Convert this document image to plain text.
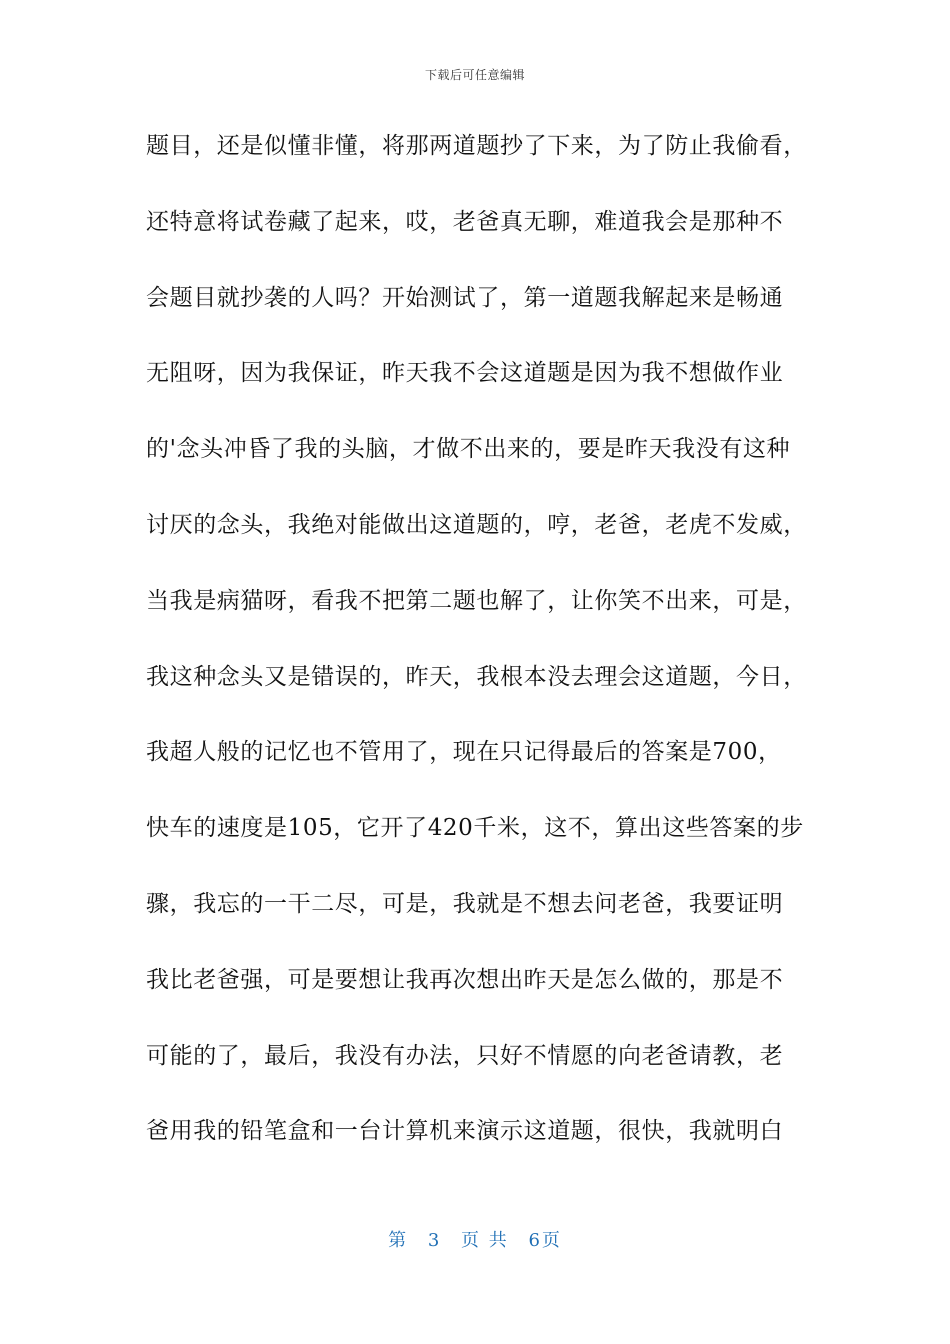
下载后可任意编辑
题目，还是似懂非懂，将那两道题抄了下来，为了防止我偷看，
还特意将试卷藏了起来，哎，老爸真无聊，难道我会是那种不
会题目就抄袭的人吗？开始测试了，第一道题我解起来是畅通
无阻呀，因为我保证，昨天我不会这道题是因为我不想做作业
的'念头冲昏了我的头脑，才做不出来的，要是昨天我没有这种
讨厌的念头，我绝对能做出这道题的，哼，老爸，老虎不发威，
当我是病猫呀，看我不把第二题也解了，让你笑不出来，可是，
我这种念头又是错误的，昨天，我根本没去理会这道题，今日，
我超人般的记忆也不管用了，现在只记得最后的答案是700，
快车的速度是105，它开了420千米，这不，算出这些答案的步
骤，我忘的一干二尽，可是，我就是不想去问老爸，我要证明
我比老爸强，可是要想让我再次想出昨天是怎么做的，那是不
可能的了，最后，我没有办法，只好不情愿的向老爸请教，老
爸用我的铅笔盒和一台计算机来演示这道题，很快，我就明白
第 3 页 共 6页
